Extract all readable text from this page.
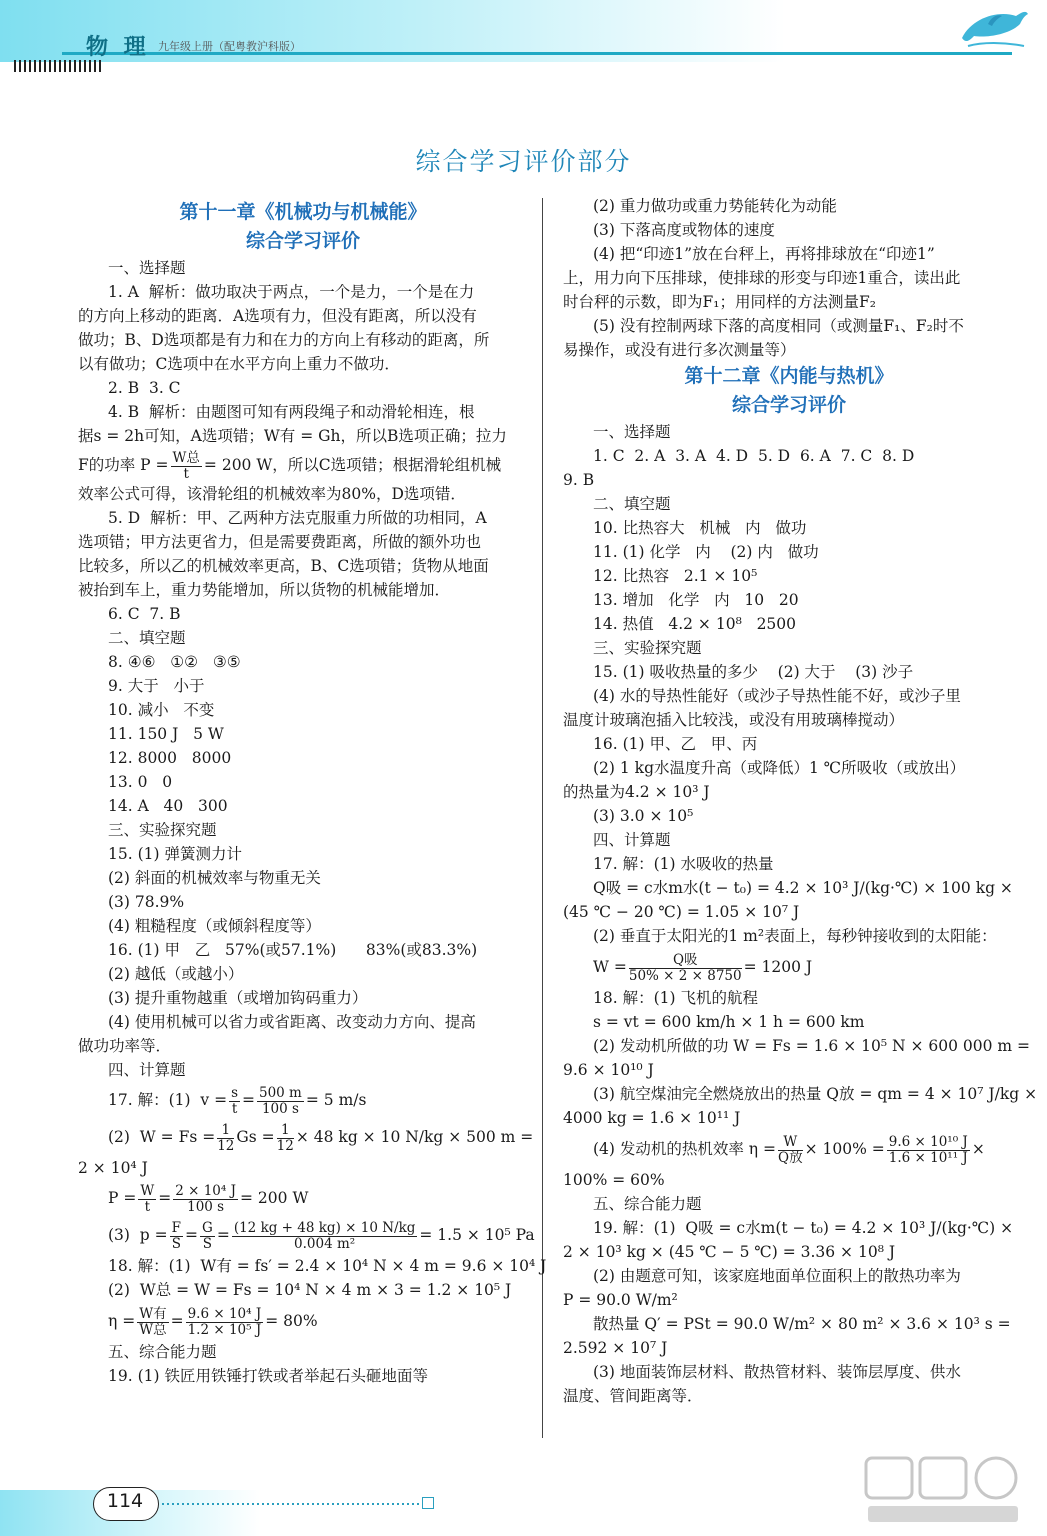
物 理 九年级上册（配粤教沪科版）
综合学习评价部分
第十一章《机械功与机械能》
综合学习评价
一、选择题
1. A  解析：做功取决于两点，一个是力，一个是在力
的方向上移动的距离．A选项有力，但没有距离，所以没有
做功；B、D选项都是有力和在力的方向上有移动的距离，所
以有做功；C选项中在水平方向上重力不做功．
2. B  3. C
4. B  解析：由题图可知有两段绳子和动滑轮相连，根
据s = 2h可知，A选项错；W有 = Gh，所以B选项正确；拉力
F的功率 P = W总
t = 200 W，所以C选项错；根据滑轮组机械
效率公式可得，该滑轮组的机械效率为80%，D选项错．
5. D  解析：甲、乙两种方法克服重力所做的功相同，A
选项错；甲方法更省力，但是需要费距离，所做的额外功也
比较多，所以乙的机械效率更高，B、C选项错；货物从地面
被抬到车上，重力势能增加，所以货物的机械能增加．
6. C  7. B
二、填空题
8. ④⑥   ①②   ③⑤
9. 大于   小于
10. 减小   不变
11. 150 J   5 W
12. 8000   8000
13. 0   0
14. A   40   300
三、实验探究题
15. (1) 弹簧测力计
(2) 斜面的机械效率与物重无关
(3) 78.9%
(4) 粗糙程度（或倾斜程度等）
16. (1) 甲   乙   57%(或57.1%)      83%(或83.3%)
(2) 越低（或越小）
(3) 提升重物越重（或增加钩码重力）
(4) 使用机械可以省力或省距离、改变动力方向、提高
做功功率等．
四、计算题
17. 解：(1)  $v = \frac{s}{t} = \frac{500 m}{100 s} = 5$ m/s
(2)  $W = Fs = \frac{1}{12}$ $Gs = \frac{1}{12} \times 48$ kg × 10 N/kg × 500 m =
2 × 10⁴ J
$P = \frac{W}{t} = \frac{\text{2 × 10⁴ J}}{100 s} = 200$ W
(3)  $p = \frac{F}{S} = \frac{G}{S} = \frac{(12 kg + 48 kg) \times 10 N/kg}{\text{0.004 m²}} = 1.5 \times 10^5$ Pa
18. 解：(1)  W有 = fs′ = 2.4 × 10⁴ N × 4 m = 9.6 × 10⁴ J
(2)  W总 = W = Fs = 10⁴ N × 4 m × 3 = 1.2 × 10⁵ J
η = W有
W总 = $\frac{\text{9.6 × 10⁴ J}}{\text{1.2 × 10⁵ J}} = 80\%$
五、综合能力题
19. (1) 铁匠用铁锤打铁或者举起石头砸地面等
(2) 重力做功或重力势能转化为动能
(3) 下落高度或物体的速度
(4) 把“印迹1”放在台秤上，再将排球放在“印迹1”
上，用力向下压排球，使排球的形变与印迹1重合，读出此
时台秤的示数，即为F₁；用同样的方法测量F₂
(5) 没有控制两球下落的高度相同（或测量F₁、F₂时不
易操作，或没有进行多次测量等）
第十二章《内能与热机》
综合学习评价
一、选择题
1. C  2. A  3. A  4. D  5. D  6. A  7. C  8. D
9. B
二、填空题
10. 比热容大   机械   内   做功
11. (1) 化学   内    (2) 内   做功
12. 比热容   2.1 × 10⁵
13. 增加   化学   内   10   20
14. 热值   4.2 × 10⁸   2500
三、实验探究题
15. (1) 吸收热量的多少    (2) 大于    (3) 沙子
(4) 水的导热性能好（或沙子导热性能不好，或沙子里
温度计玻璃泡插入比较浅，或没有用玻璃棒搅动）
16. (1) 甲、乙   甲、丙
(2) 1 kg水温度升高（或降低）1 ℃所吸收（或放出）
的热量为4.2 × 10³ J
(3) 3.0 × 10⁵
四、计算题
17. 解：(1) 水吸收的热量
Q吸 = c水m水(t − t₀) = 4.2 × 10³ J/(kg·℃) × 100 kg ×
(45 ℃ − 20 ℃) = 1.05 × 10⁷ J
(2) 垂直于太阳光的1 m²表面上，每秒钟接收到的太阳能：
W =	Q吸
50% × 2 × 8750 = 1200 J
18. 解：(1) 飞机的航程
s = vt = 600 km/h × 1 h = 600 km
(2) 发动机所做的功 W = Fs = 1.6 × 10⁵ N × 600 000 m =
9.6 × 10¹⁰ J
(3) 航空煤油完全燃烧放出的热量 Q放 = qm = 4 × 10⁷ J/kg ×
4000 kg = 1.6 × 10¹¹ J
(4) 发动机的热机效率 η = W
Q放 × $100\% = \frac{\text{9.6 × 10¹⁰ J}}{\text{1.6 × 10¹¹ J}}$ ×
100% = 60%
五、综合能力题
19. 解：(1)  Q吸 = c水m(t − t₀) = 4.2 × 10³ J/(kg·℃) ×
2 × 10³ kg × (45 ℃ − 5 ℃) = 3.36 × 10⁸ J
(2) 由题意可知，该家庭地面单位面积上的散热功率为
P = 90.0 W/m²
散热量 Q′ = PSt = 90.0 W/m² × 80 m² × 3.6 × 10³ s =
2.592 × 10⁷ J
(3) 地面装饰层材料、散热管材料、装饰层厚度、供水
温度、管间距离等．
114
